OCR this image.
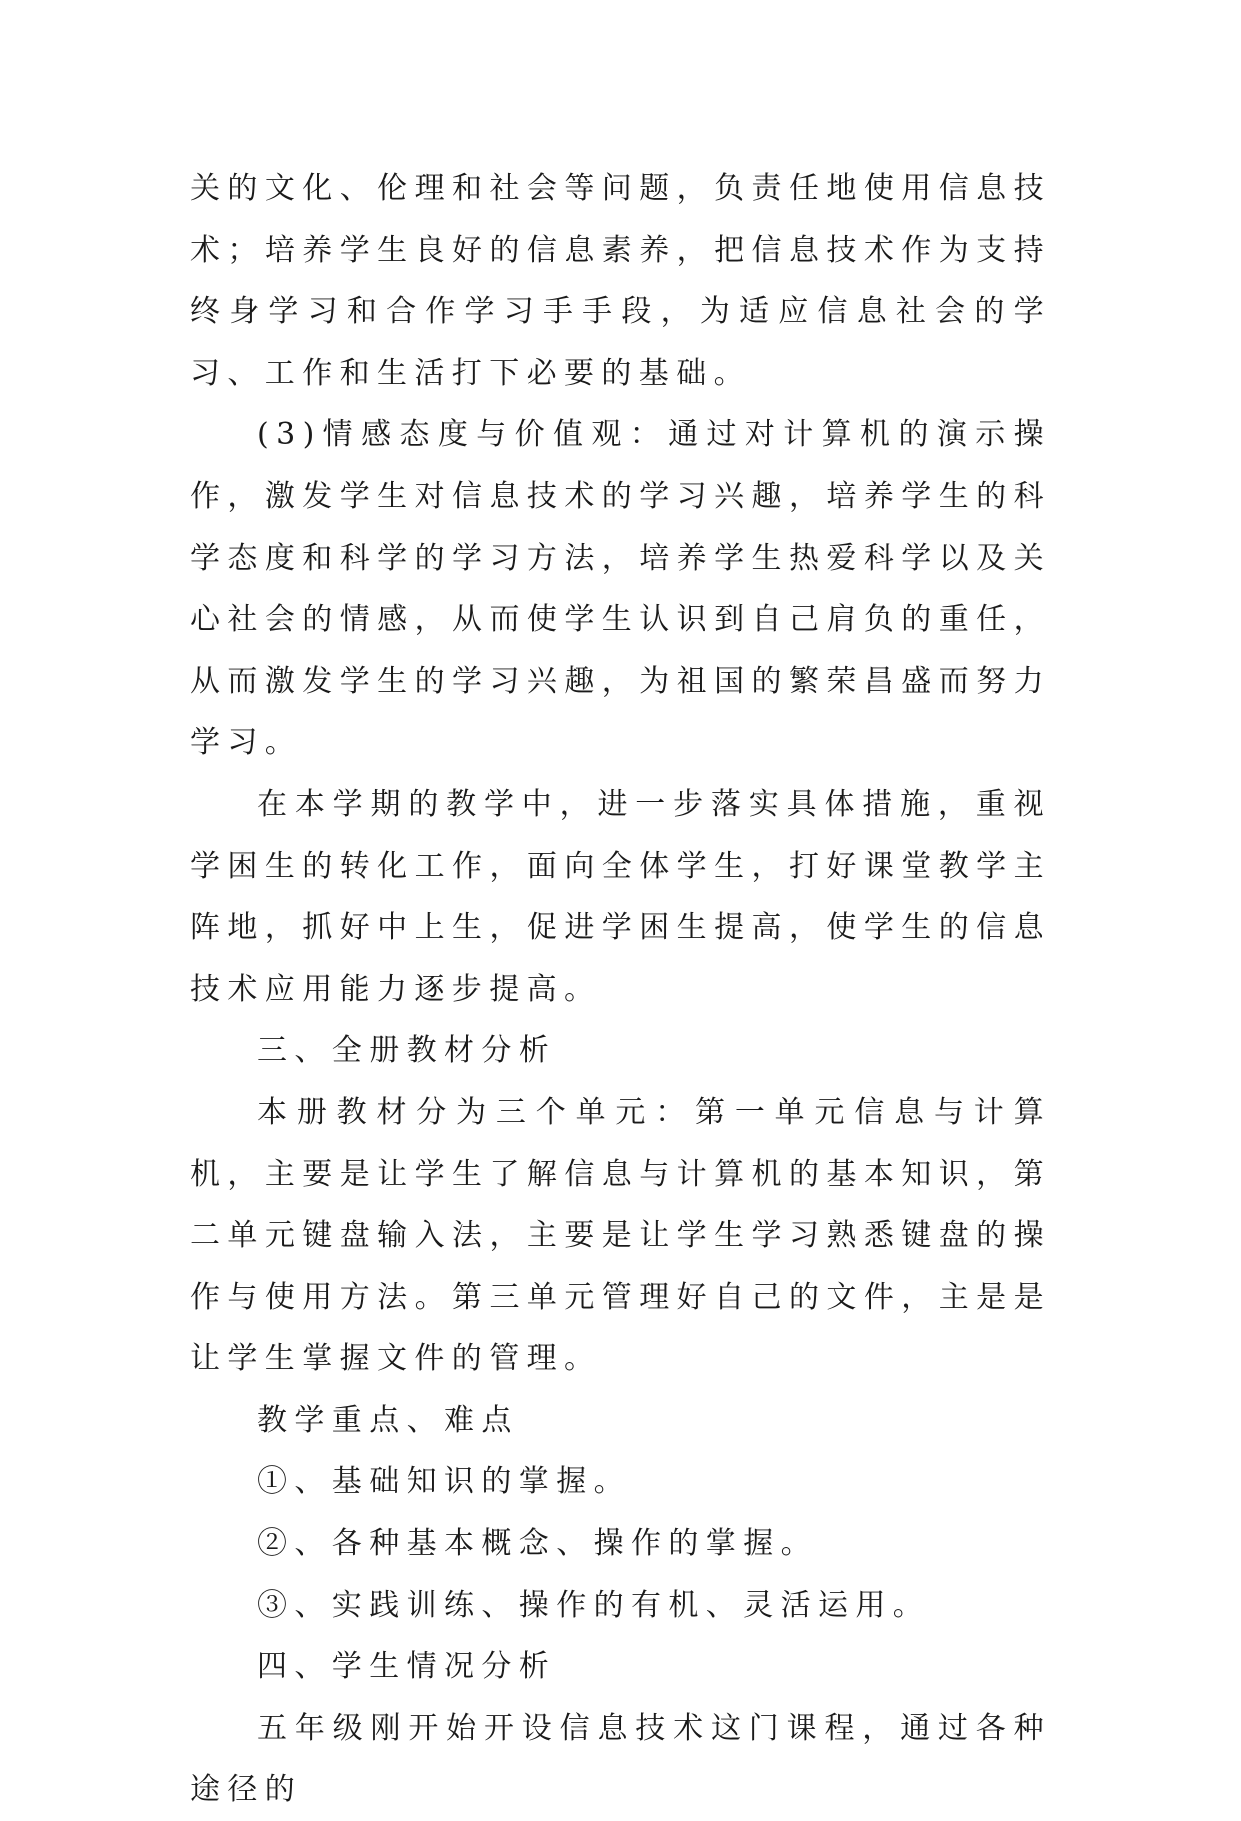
关的文化、伦理和社会等问题，负责任地使用信息技术；培养学生良好的信息素养，把信息技术作为支持终身学习和合作学习手手段，为适应信息社会的学习、工作和生活打下必要的基础。

(3)情感态度与价值观：通过对计算机的演示操作，激发学生对信息技术的学习兴趣，培养学生的科学态度和科学的学习方法，培养学生热爱科学以及关心社会的情感，从而使学生认识到自己肩负的重任，从而激发学生的学习兴趣，为祖国的繁荣昌盛而努力学习。

在本学期的教学中，进一步落实具体措施，重视学困生的转化工作，面向全体学生，打好课堂教学主阵地，抓好中上生，促进学困生提高，使学生的信息技术应用能力逐步提高。

三、全册教材分析

本册教材分为三个单元：第一单元信息与计算机，主要是让学生了解信息与计算机的基本知识，第二单元键盘输入法，主要是让学生学习熟悉键盘的操作与使用方法。第三单元管理好自己的文件，主是是让学生掌握文件的管理。

教学重点、难点

①、基础知识的掌握。

②、各种基本概念、操作的掌握。

③、实践训练、操作的有机、灵活运用。

四、学生情况分析

五年级刚开始开设信息技术这门课程，通过各种途径的
